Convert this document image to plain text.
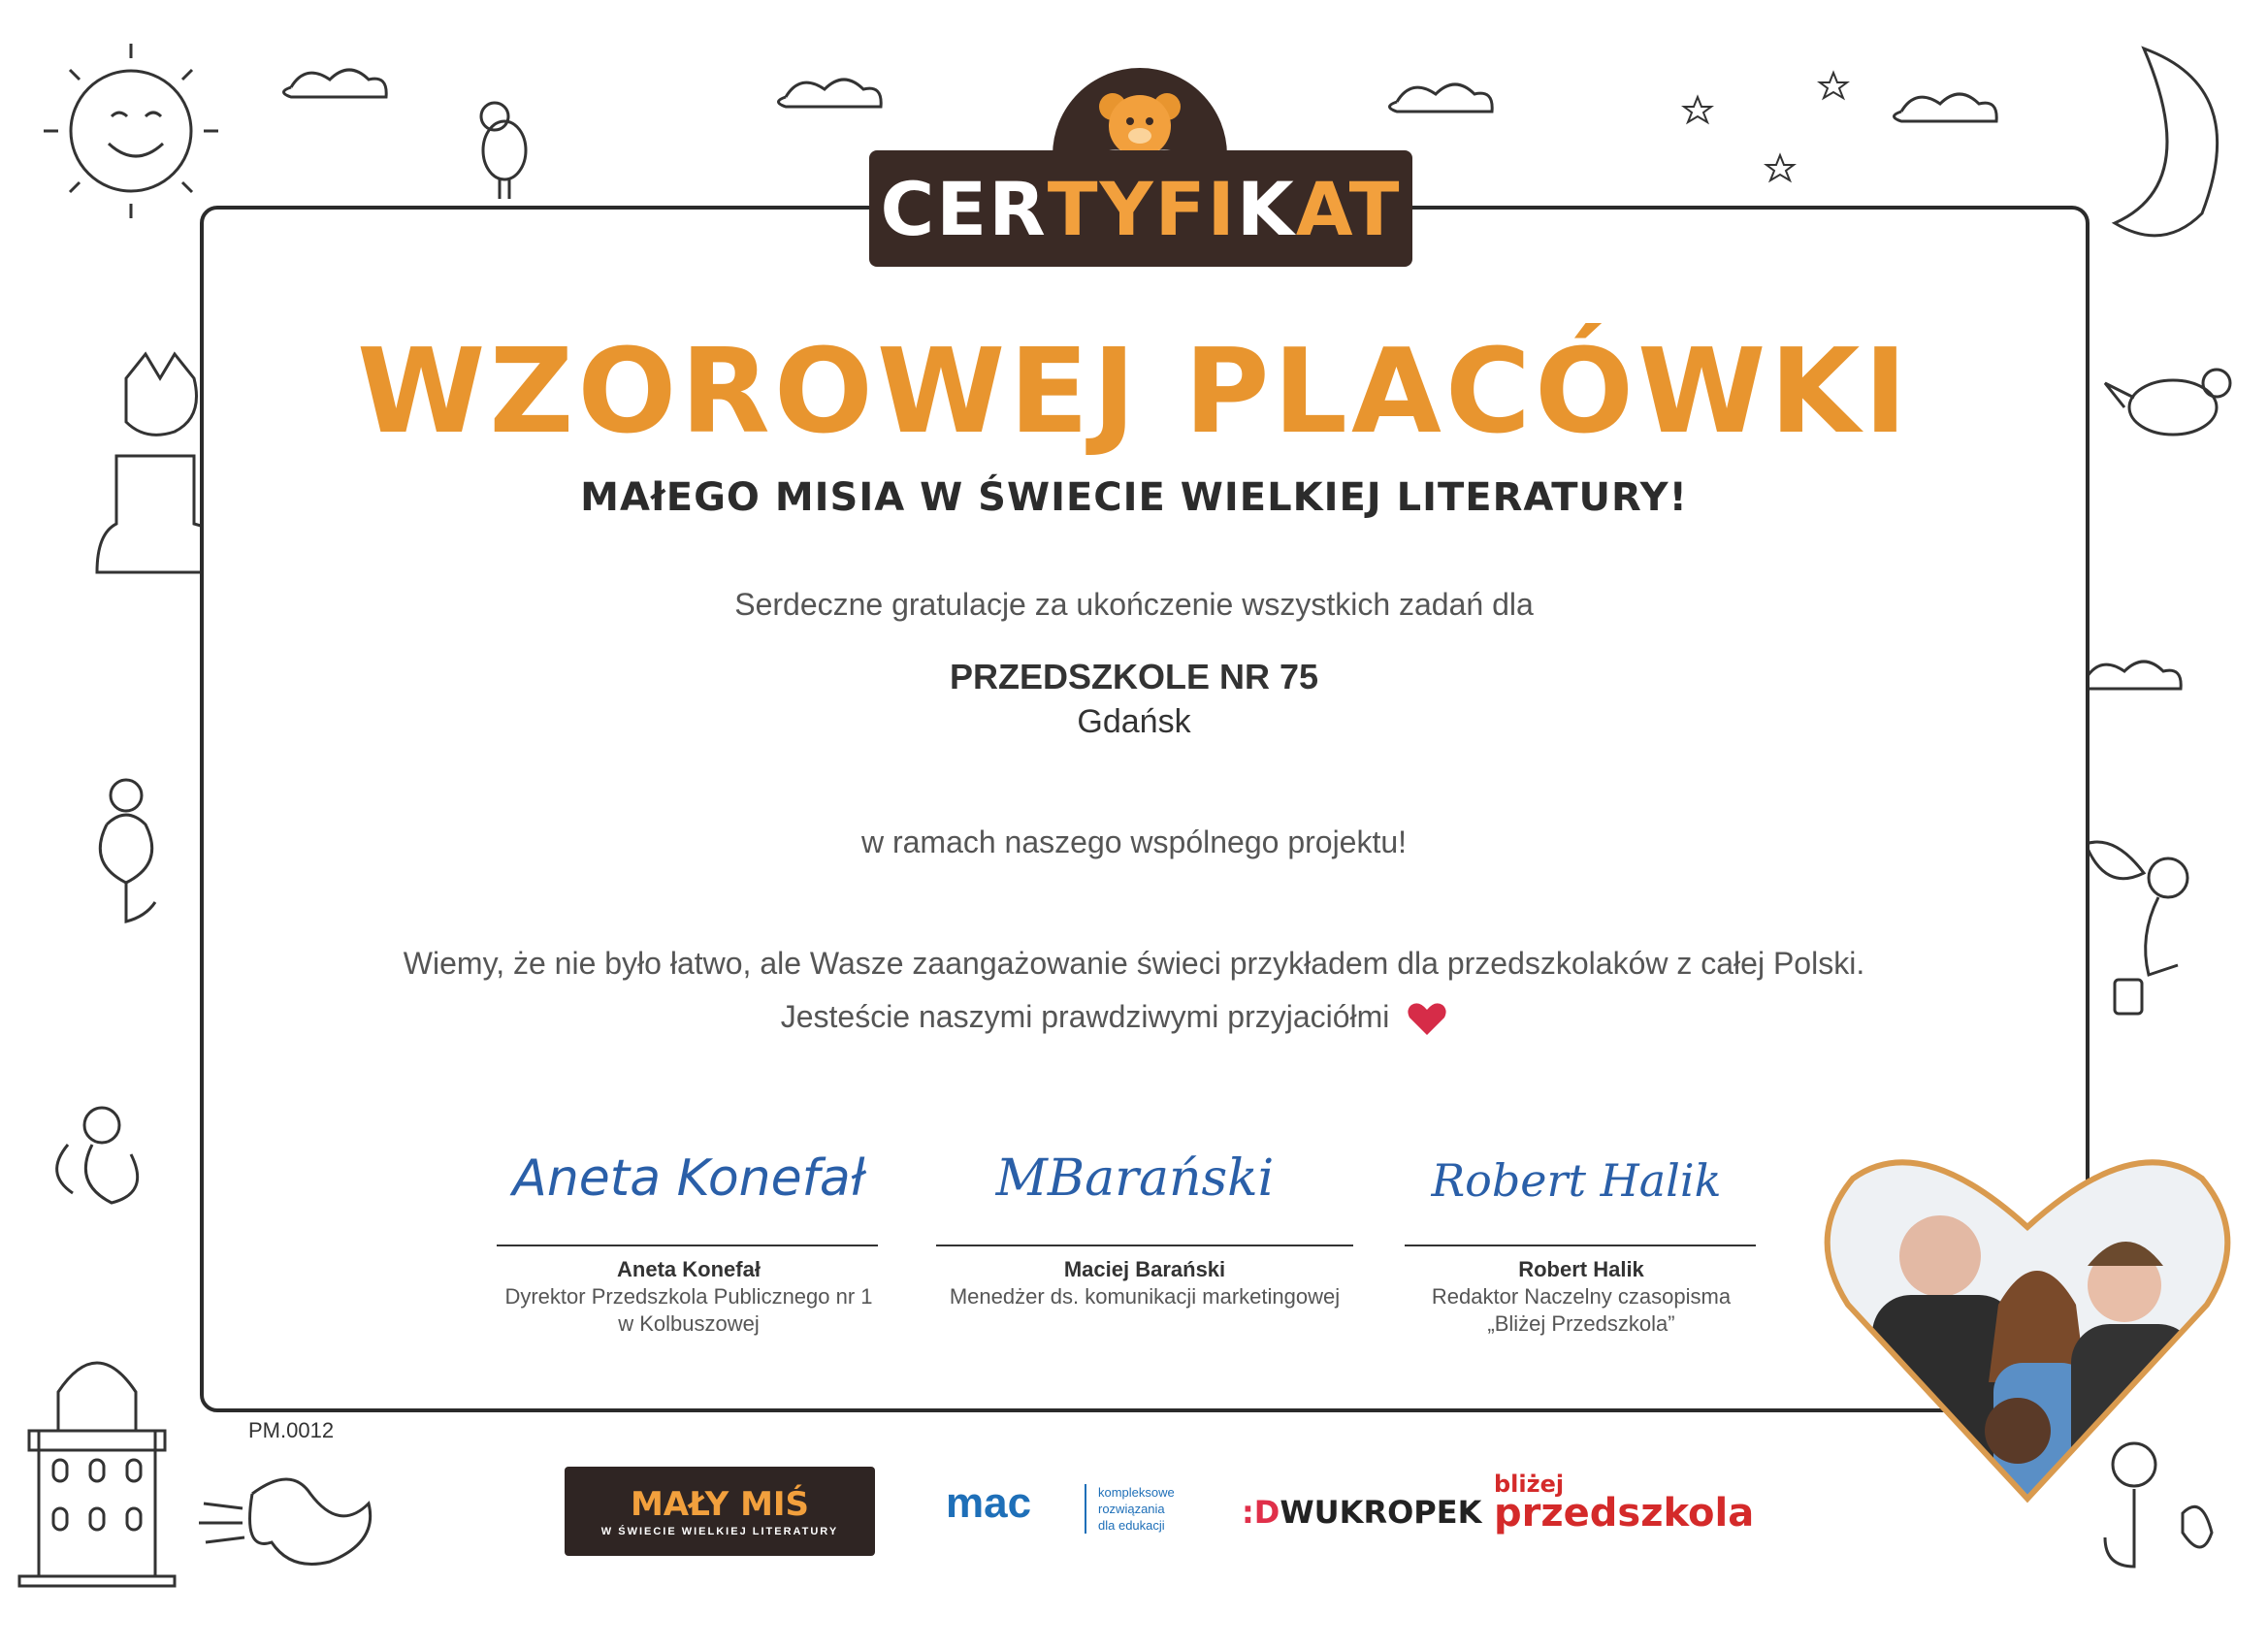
CER TYFI K AT
WZOROWEJ PLACÓWKI
MAłEGO MISIA W ŚWIECIE WIELKIEJ LITERATURY!
Serdeczne gratulacje za ukończenie wszystkich zadań dla
PRZEDSZKOLE NR 75
Gdańsk
w ramach naszego wspólnego projektu!
Wiemy, że nie było łatwo, ale Wasze zaangażowanie świeci przykładem dla przedszkolaków z całej Polski.
Jesteście naszymi prawdziwymi przyjaciółmi
Aneta Konefał	MBarański	Robert Halik
Aneta Konefał
Dyrektor Przedszkola Publicznego nr 1
w Kolbuszowej
Maciej Barański
Menedżer ds. komunikacji marketingowej
Robert Halik
Redaktor Naczelny czasopisma
„Bliżej Przedszkola”
PM.0012
MAŁY MIŚ
W ŚWIECIE WIELKIEJ LITERATURY
mac	kompleksowe
rozwiązania
dla edukacji	:DWUKROPEK
bliżej
przedszkola
